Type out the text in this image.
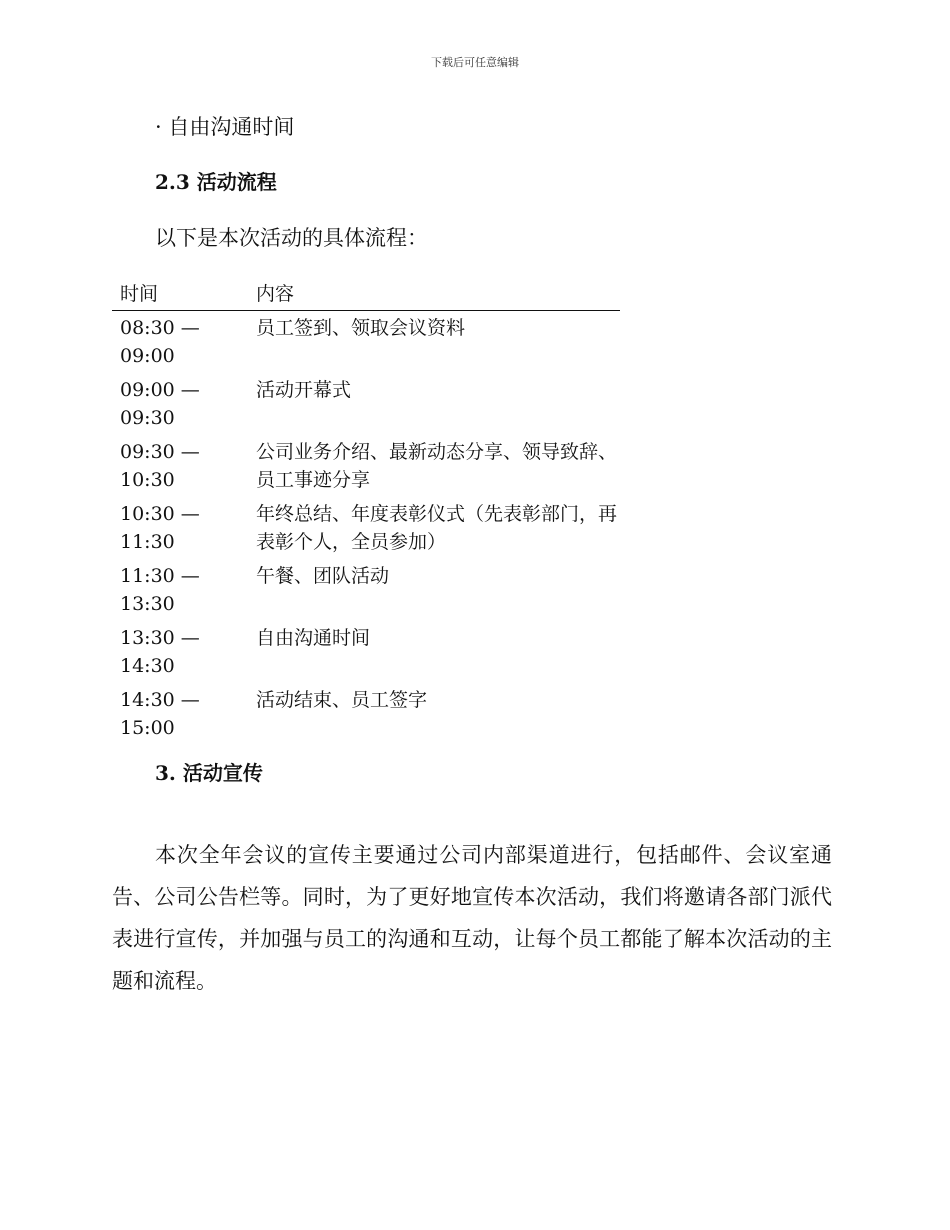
下载后可任意编辑
· 自由沟通时间
2.3 活动流程
以下是本次活动的具体流程：
时间	内容

08:30 —
09:00	员工签到、领取会议资料

09:00 —
09:30	活动开幕式

09:30 —
10:30	公司业务介绍、最新动态分享、领导致辞、员工事迹分享

10:30 —
11:30	年终总结、年度表彰仪式（先表彰部门，再表彰个人，全员参加）

11:30 —
13:30	午餐、团队活动

13:30 —
14:30	自由沟通时间

14:30 —
15:00	活动结束、员工签字
3. 活动宣传

本次全年会议的宣传主要通过公司内部渠道进行，包括邮件、会议室通告、公司公告栏等。同时，为了更好地宣传本次活动，我们将邀请各部门派代表进行宣传，并加强与员工的沟通和互动，让每个员工都能了解本次活动的主题和流程。
